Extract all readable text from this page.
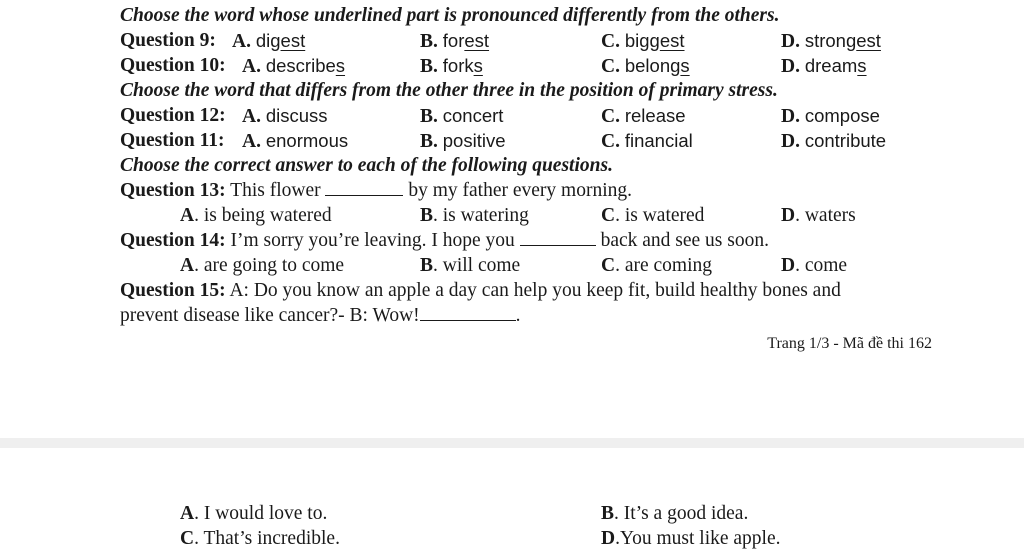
Choose the word whose underlined part is pronounced differently from the others.
Question 9: A. digest	B. forest	C. biggest	D. strongest
Question 10: A. describes	B. forks	C. belongs	D. dreams
Choose the word that differs from the other three in the position of primary stress.
Question 12: A. discuss	B. concert	C. release	D. compose
Question 11: A. enormous	B. positive	C. financial	D. contribute
Choose the correct answer to each of the following questions.
Question 13: This flower	by my father every morning.
A. is being watered	B. is watering	C. is watered	D. waters
Question 14: I’m sorry you’re leaving. I hope you	back and see us soon.
A. are going to come	B. will come	C. are coming	D. come
Question 15: A: Do you know an apple a day can help you keep fit, build healthy bones and
prevent disease like cancer?- B: Wow!	.
Trang 1/3 - Mã đề thi 162
A. I would love to.	B. It’s a good idea.
C. That’s incredible.	D.You must like apple.
